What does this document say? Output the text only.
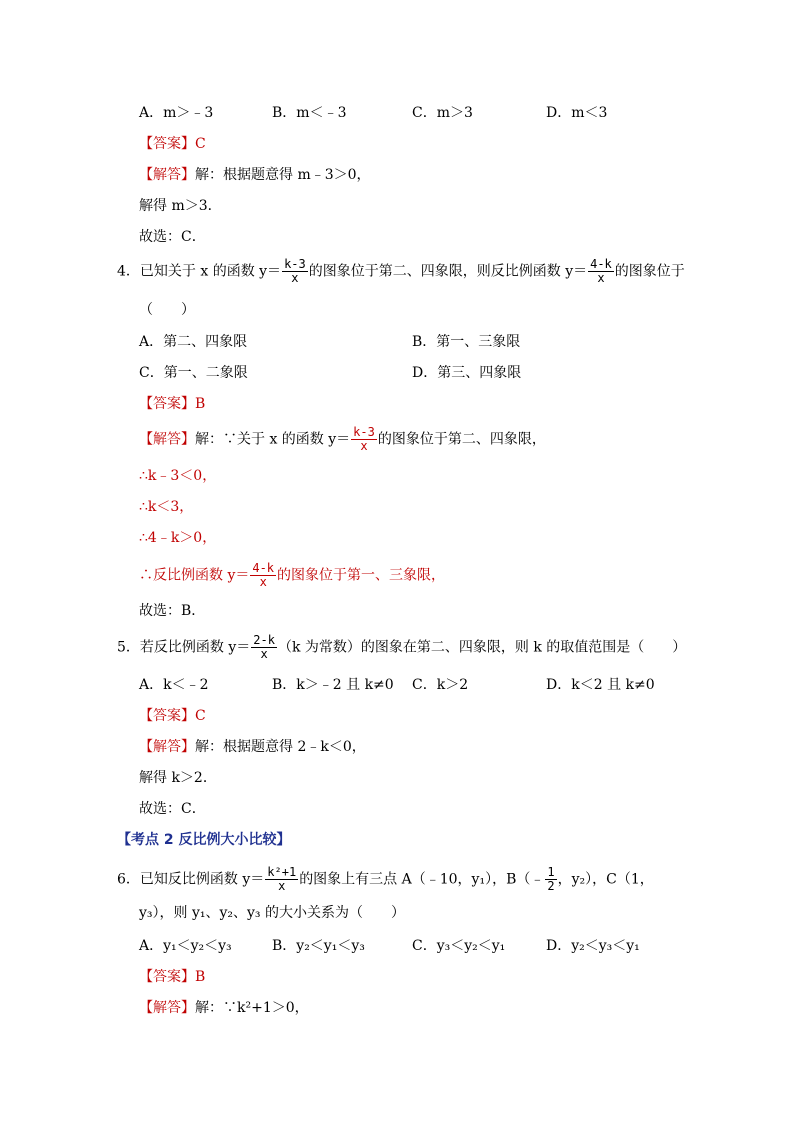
A．m＞﹣3	B．m＜﹣3	C．m＞3	D．m＜3
【答案】C
【解答】解：根据题意得 m﹣3＞0，
解得 m＞3．
故选：C．
4．已知关于 x 的函数 $y= \frac{k-3}{x}$ 的图象位于第二、四象限，则反比例函数 $y= \frac{4-k}{x}$ 的图象位于
（　　）
A．第二、四象限	B．第一、三象限
C．第一、二象限	D．第三、四象限
【答案】B
【解答】解：∵关于 x 的函数 $y= \frac{k-3}{x}$ 的图象位于第二、四象限，
∴k﹣3＜0，
∴k＜3，
∴4﹣k＞0，
∴反比例函数 $y= \frac{4-k}{x}$ 的图象位于第一、三象限，
故选：B．
5．若反比例函数 $y= \frac{2-k}{x} (k$ 为常数）的图象在第二、四象限，则 k 的取值范围是（　　）
A．k＜﹣2	B．k＞﹣2 且 k≠0 C．k＞2	D．k＜2 且 k≠0
【答案】C
【解答】解：根据题意得 2﹣k＜0，
解得 k＞2．
故选：C．
【考点 2 反比例大小比较】
6．已知反比例函数 $y= \frac{\text{k²+1}}{x}$ 的图象上有三点 A（﹣10，y₁），B（﹣ $\frac{1}{2}$ ，y₂），C（1，
y₃），则 y₁、y₂、y₃ 的大小关系为（　　）
A．y₁＜y₂＜y₃	B．y₂＜y₁＜y₃	C．y₃＜y₂＜y₁	D．y₂＜y₃＜y₁
【答案】B
【解答】解：∵k²+1＞0，
